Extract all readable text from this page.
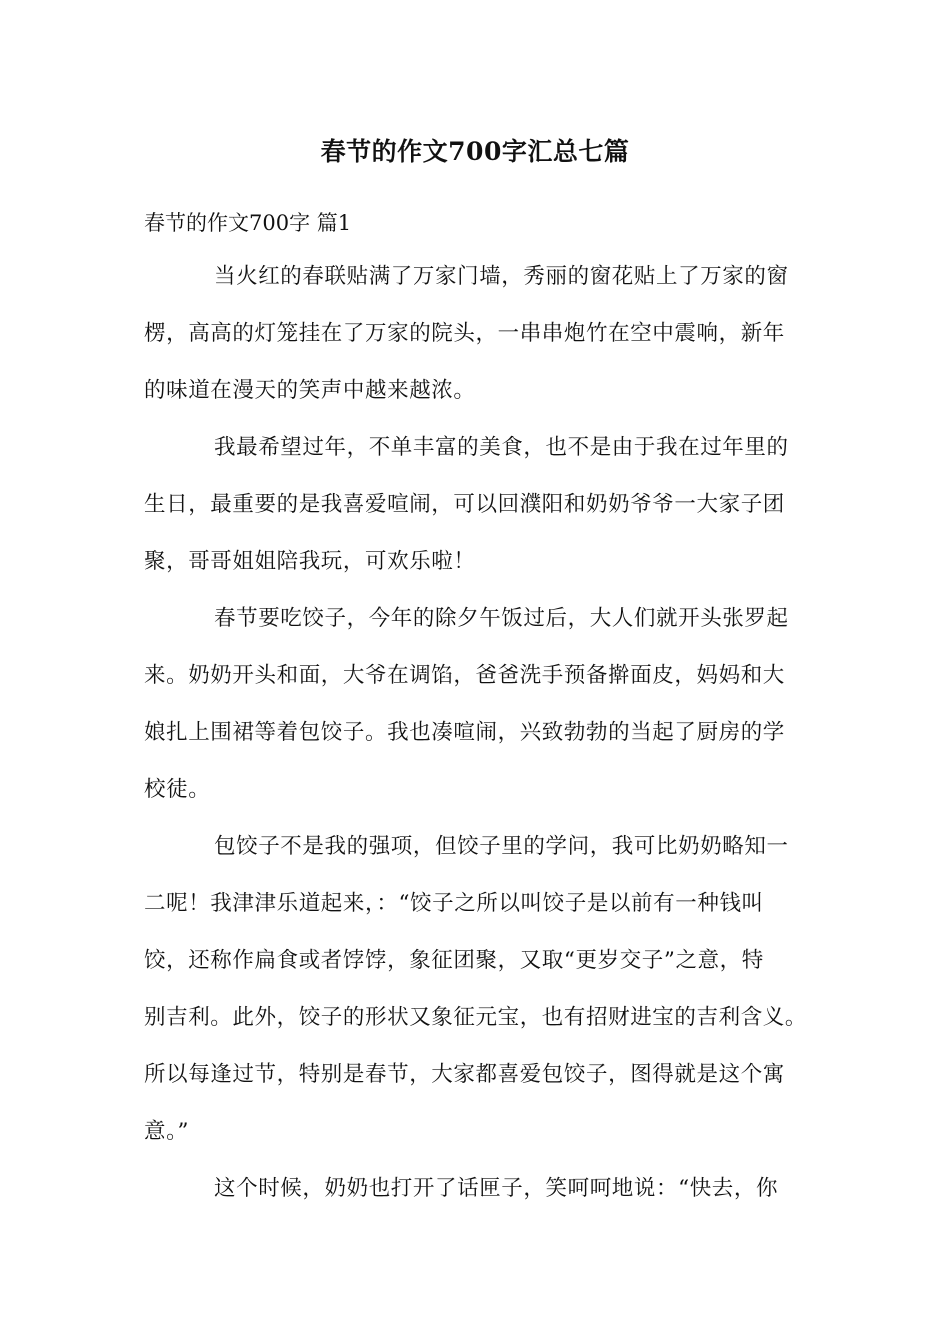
春节的作文700字汇总七篇
春节的作文700字 篇1
当火红的春联贴满了万家门墙，秀丽的窗花贴上了万家的窗
楞，高高的灯笼挂在了万家的院头，一串串炮竹在空中震响，新年
的味道在漫天的笑声中越来越浓。
我最希望过年，不单丰富的美食，也不是由于我在过年里的
生日，最重要的是我喜爱喧闹，可以回濮阳和奶奶爷爷一大家子团
聚，哥哥姐姐陪我玩，可欢乐啦！
春节要吃饺子，今年的除夕午饭过后，大人们就开头张罗起
来。奶奶开头和面，大爷在调馅，爸爸洗手预备擀面皮，妈妈和大
娘扎上围裙等着包饺子。我也凑喧闹，兴致勃勃的当起了厨房的学
校徒。
包饺子不是我的强项，但饺子里的学问，我可比奶奶略知一
二呢！我津津乐道起来，：“饺子之所以叫饺子是以前有一种钱叫
饺，还称作扁食或者饽饽，象征团聚，又取“更岁交子”之意，特
别吉利。此外，饺子的形状又象征元宝，也有招财进宝的吉利含义。
所以每逢过节，特别是春节，大家都喜爱包饺子，图得就是这个寓
意。”
这个时候，奶奶也打开了话匣子，笑呵呵地说：“快去，你
